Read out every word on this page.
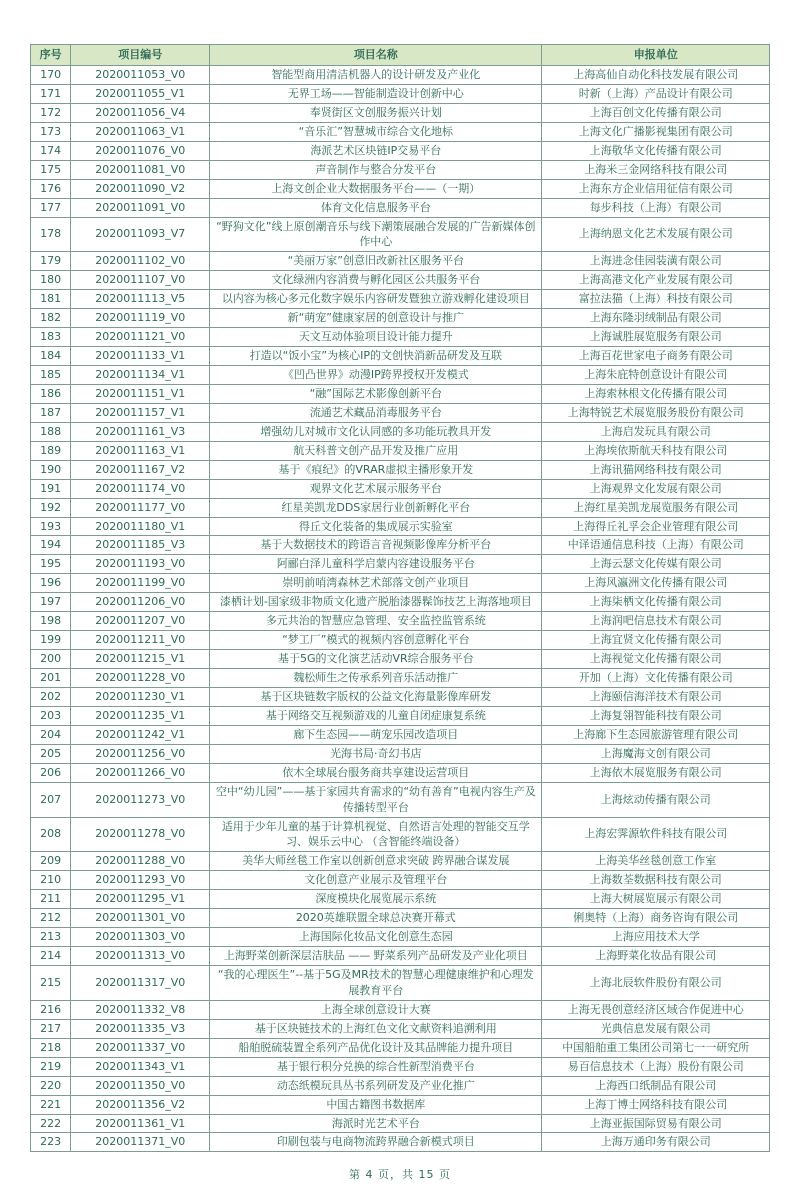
序号	项目编号	项目名称	申报单位
170	2020011053_V0	智能型商用清洁机器人的设计研发及产业化	上海高仙自动化科技发展有限公司
171	2020011055_V1	无界工场——智能制造设计创新中心	时新（上海）产品设计有限公司
172	2020011056_V4	奉贤街区文创服务振兴计划	上海百创文化传播有限公司
173	2020011063_V1	“音乐汇”智慧城市综合文化地标	上海文化广播影视集团有限公司
174	2020011076_V0	海派艺术区块链IP交易平台	上海敬华文化传播有限公司
175	2020011081_V0	声音制作与整合分发平台	上海米三金网络科技有限公司
176	2020011090_V2	上海文创企业大数据服务平台——（一期）	上海东方企业信用征信有限公司
177	2020011091_V0	体育文化信息服务平台	每步科技（上海）有限公司
178	2020011093_V7	“野狗文化”线上原创潮音乐与线下潮策展融合发展的广告新媒体创作中心	上海纳恩文化艺术发展有限公司
179	2020011102_V0	“美丽万家”创意旧改新社区服务平台	上海进念佳园装潢有限公司
180	2020011107_V0	文化绿洲内容消费与孵化园区公共服务平台	上海高港文化产业发展有限公司
181	2020011113_V5	以内容为核心多元化数字娱乐内容研发暨独立游戏孵化建设项目	富拉法猫（上海）科技有限公司
182	2020011119_V0	新“萌宠”健康家居的创意设计与推广	上海东隆羽绒制品有限公司
183	2020011121_V0	天文互动体验项目设计能力提升	上海诚胜展览服务有限公司
184	2020011133_V1	打造以“饭小宝”为核心IP的文创快消新品研发及互联	上海百花世家电子商务有限公司
185	2020011134_V1	《凹凸世界》动漫IP跨界授权开发模式	上海朱庇特创意设计有限公司
186	2020011151_V1	“融”国际艺术影像创新平台	上海索林根文化传播有限公司
187	2020011157_V1	流通艺术藏品消毒服务平台	上海特锐艺术展览服务股份有限公司
188	2020011161_V3	增强幼儿对城市文化认同感的多功能玩教具开发	上海启发玩具有限公司
189	2020011163_V1	航天科普文创产品开发及推广应用	上海埃依斯航天科技有限公司
190	2020011167_V2	基于《痕纪》的VRAR虚拟主播形象开发	上海讯猫网络科技有限公司
191	2020011174_V0	观界文化艺术展示服务平台	上海观界文化发展有限公司
192	2020011177_V0	红星美凯龙DDS家居行业创新孵化平台	上海红星美凯龙展览服务有限公司
193	2020011180_V1	得丘文化装备的集成展示实验室	上海得丘礼孚会企业管理有限公司
194	2020011185_V3	基于大数据技术的跨语言音视频影像库分析平台	中译语通信息科技（上海）有限公司
195	2020011193_V0	阿郦白泽儿童科学启蒙内容建设服务平台	上海云瑟文化传媒有限公司
196	2020011199_V0	崇明前哨湾森林艺术部落文创产业项目	上海风瀛洲文化传播有限公司
197	2020011206_V0	漆栖计划-国家级非物质文化遗产脱胎漆器髹饰技艺上海落地项目	上海柒栖文化传播有限公司
198	2020011207_V0	多元共治的智慧应急管理、安全监控监管系统	上海润吧信息技术有限公司
199	2020011211_V0	“梦工厂”模式的视频内容创意孵化平台	上海宜贤文化传播有限公司
200	2020011215_V1	基于5G的文化演艺活动VR综合服务平台	上海视觉文化传播有限公司
201	2020011228_V0	魏松师生之传承系列音乐活动推广	开加（上海）文化传播有限公司
202	2020011230_V1	基于区块链数字版权的公益文化海量影像库研发	上海颐信海洋技术有限公司
203	2020011235_V1	基于网络交互视频游戏的儿童自闭症康复系统	上海复翎智能科技有限公司
204	2020011242_V1	廊下生态园——萌宠乐园改造项目	上海廊下生态园旅游管理有限公司
205	2020011256_V0	光海书局·奇幻书店	上海魔海文创有限公司
206	2020011266_V0	依木全球展台服务商共享建设运营项目	上海依木展览服务有限公司
207	2020011273_V0	空中“幼儿园”——基于家园共育需求的“幼有善育”电视内容生产及传播转型平台	上海炫动传播有限公司
208	2020011278_V0	适用于少年儿童的基于计算机视觉、自然语言处理的智能交互学习、娱乐云中心 （含智能终端设备）	上海宏霁源软件科技有限公司
209	2020011288_V0	美华大师丝毯工作室以创新创意求突破 跨界融合谋发展	上海美华丝毯创意工作室
210	2020011293_V0	文化创意产业展示及管理平台	上海数荃数据科技有限公司
211	2020011295_V1	深度模块化展览展示系统	上海大树展览展示有限公司
212	2020011301_V0	2020英雄联盟全球总决赛开幕式	俐奥特（上海）商务咨询有限公司
213	2020011303_V0	上海国际化妆品文化创意生态园	上海应用技术大学
214	2020011313_V0	上海野菜创新深层洁肤品 —— 野菜系列产品研发及产业化项目	上海野菜化妆品有限公司
215	2020011317_V0	“我的心理医生”--基于5G及MR技术的智慧心理健康维护和心理发展教育平台	上海北辰软件股份有限公司
216	2020011332_V8	上海全球创意设计大赛	上海无畏创意经济区域合作促进中心
217	2020011335_V3	基于区块链技术的上海红色文化文献资料追溯利用	光典信息发展有限公司
218	2020011337_V0	船舶脱硫装置全系列产品优化设计及其品牌能力提升项目	中国船舶重工集团公司第七一一研究所
219	2020011343_V1	基于银行积分兑换的综合性新型消费平台	易百信息技术（上海）股份有限公司
220	2020011350_V0	动态纸模玩具丛书系列研发及产业化推广	上海西口纸制品有限公司
221	2020011356_V2	中国古籍图书数据库	上海丁博士网络科技有限公司
222	2020011361_V1	海派时光艺术平台	上海亚振国际贸易有限公司
223	2020011371_V0	印刷包装与电商物流跨界融合新模式项目	上海万通印务有限公司
第 4 页，共 15 页
